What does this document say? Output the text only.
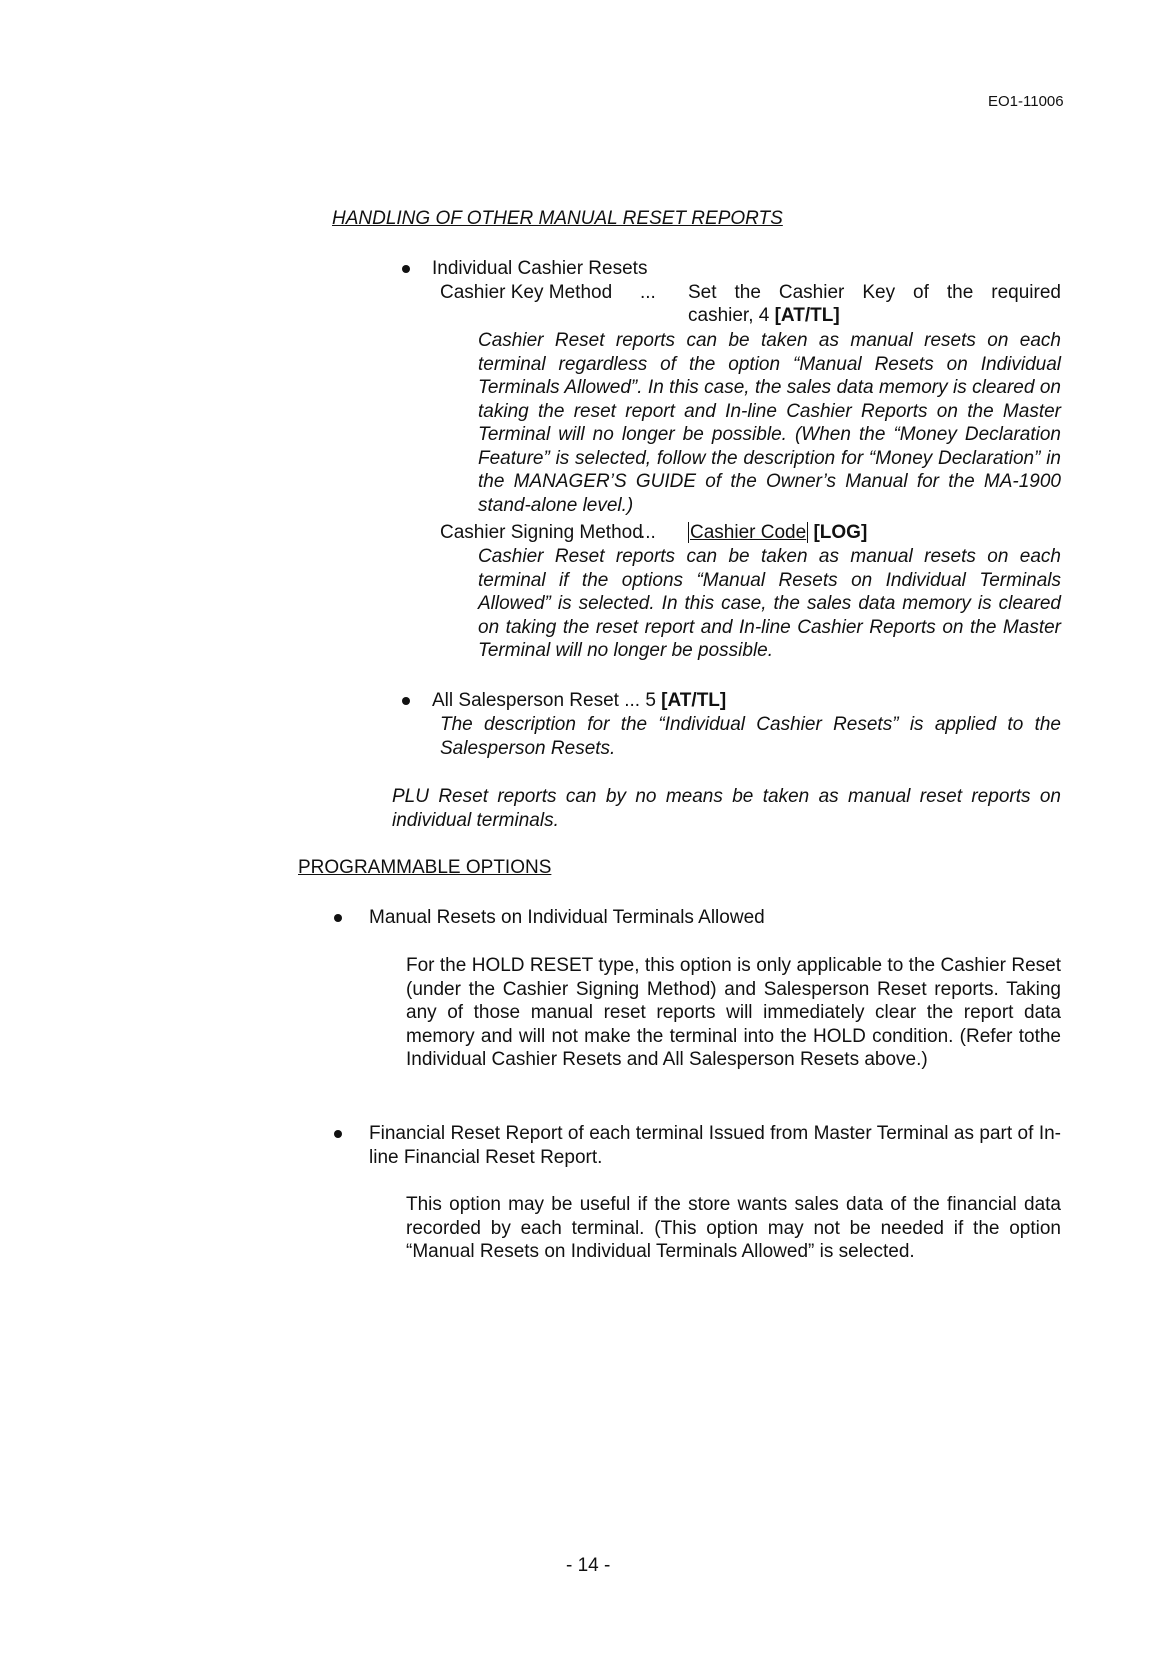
EO1-11006
HANDLING OF OTHER MANUAL RESET REPORTS
Individual Cashier Resets
Cashier Key Method ... Set the Cashier Key of the required
cashier, 4 [AT/TL]
Cashier Reset reports can be taken as manual resets on each terminal regardless of the option “Manual Resets on Individual Terminals Allowed”. In this case, the sales data memory is cleared on taking the reset report and In-line Cashier Reports on the Master Terminal will no longer be possible. (When the “Money Declaration Feature” is selected, follow the description for “Money Declaration” in the MANAGER’S GUIDE of the Owner’s Manual for the MA-1900 stand-alone level.)
Cashier Signing Method
... Cashier Code [LOG]
Cashier Reset reports can be taken as manual resets on each terminal if the options “Manual Resets on Individual Terminals Allowed” is selected. In this case, the sales data memory is cleared on taking the reset report and In-line Cashier Reports on the Master Terminal will no longer be possible.
All Salesperson Reset ... 5 [AT/TL]
The description for the “Individual Cashier Resets” is applied to the Salesperson Resets.
PLU Reset reports can by no means be taken as manual reset reports on individual terminals.
PROGRAMMABLE OPTIONS
Manual Resets on Individual Terminals Allowed
For the HOLD RESET type, this option is only applicable to the Cashier Reset (under the Cashier Signing Method) and Salesperson Reset reports. Taking any of those manual reset reports will immediately clear the report data memory and will not make the terminal into the HOLD condition. (Refer tothe Individual Cashier Resets and All Salesperson Resets above.)
Financial Reset Report of each terminal Issued from Master Terminal as part of In-line Financial Reset Report.
This option may be useful if the store wants sales data of the financial data recorded by each terminal. (This option may not be needed if the option “Manual Resets on Individual Terminals Allowed” is selected.
- 14 -
